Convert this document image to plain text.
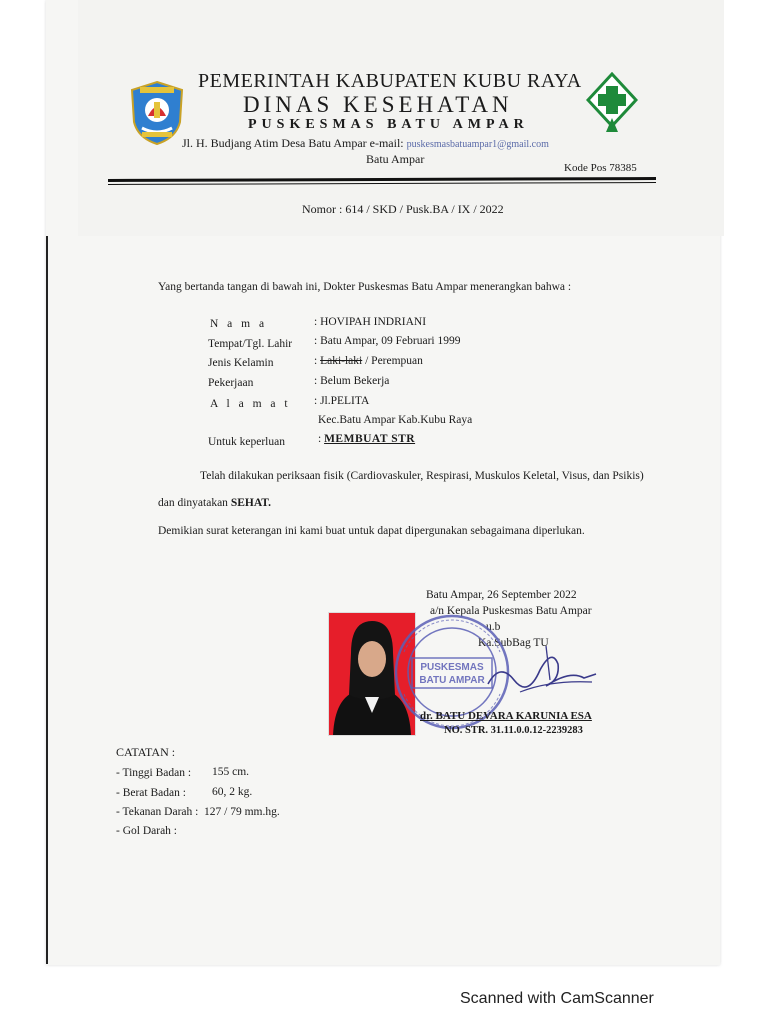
PEMERINTAH KABUPATEN KUBU RAYA
DINAS KESEHATAN
PUSKESMAS BATU AMPAR
Jl. H. Budjang Atim Desa Batu Ampar e-mail: puskesmasbatuampar1@gmail.com
Batu Ampar
Kode Pos 78385
Nomor : 614 / SKD / Pusk.BA / IX / 2022
Yang bertanda tangan di bawah ini, Dokter Puskesmas Batu Ampar menerangkan bahwa :
N a m a	: HOVIPAH INDRIANI
Tempat/Tgl. Lahir : Batu Ampar, 09 Februari 1999
Jenis Kelamin	: Laki-laki / Perempuan
Pekerjaan	: Belum Bekerja
A l a m a t : Jl.PELITA
Kec.Batu Ampar Kab.Kubu Raya
Untuk keperluan	: MEMBUAT STR
Telah dilakukan periksaan fisik (Cardiovaskuler, Respirasi, Muskulos Keletal, Visus, dan Psikis)
dan dinyatakan SEHAT.
Demikian surat keterangan ini kami buat untuk dapat dipergunakan sebagaimana diperlukan.
Batu Ampar, 26 September 2022
a/n Kepala Puskesmas Batu Ampar
u.b
Ka.SubBag TU
PUSKESMAS
BATU AMPAR
dr. BATU DEVARA KARUNIA ESA
NO. STR. 31.11.0.0.12-2239283
CATATAN :
- Tinggi Badan : 155 cm.
- Berat Badan : 60, 2 kg.
- Tekanan Darah : 127 / 79 mm.hg.
- Gol Darah :
Scanned with CamScanner
